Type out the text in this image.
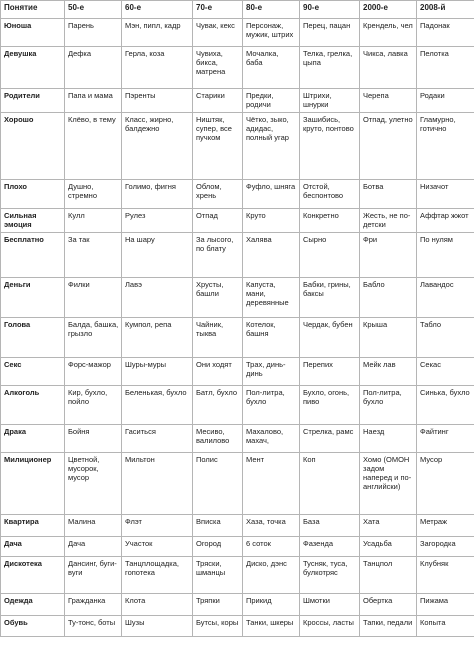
Понятие	50-е	60-е	70-е	80-е	90-е	2000-е	2008-й
Юноша	Парень	Мэн, пипл, кадр	Чувак, кекс	Персонаж, мужик, штрих	Перец, пацан	Крендель, чел	Падонак
Девушка	Дефка	Герла, коза	Чувиха, бикса, матрена	Мочалка, баба	Телка, грелка, цыпа	Чикса, лавка	Пелотка
Родители	Папа и мама	Пэренты	Старики	Предки, родичи	Штрихи, шнурки	Черепа	Родаки
Хорошо	Клёво, в тему	Класс, жирно, балдежно	Ништяк, супер, все пучком	Чётко, зыко, адидас, полный угар	Зашибись, круто, понтово	Отпад, улетно	Гламурно, готично
Плохо	Душно, стремно	Голимо, фигня	Облом, хрень	Фуфло, шняга	Отстой, беспонтово	Ботва	Низачот
Сильная эмоция	Кулл	Рулез	Отпад	Круто	Конкретно	Жесть, не по-детски	Аффтар жжот
Бесплатно	За так	На шару	За лысого, по блату	Халява	Сырно	Фри	По нулям
Деньги	Филки	Лавэ	Хрусты, башли	Капуста, мани, деревянные	Бабки, грины, баксы	Бабло	Лавандос
Голова	Балда, башка, грызло	Кумпол, репа	Чайник, тыква	Котелок, башня	Чердак, бубен	Крыша	Табло
Секс	Форс-мажор	Шуры-муры	Они ходят	Трах, динь-динь	Перепих	Мейк лав	Секас
Алкоголь	Кир, бухло, пойло	Беленькая, бухло	Батл, бухло	Пол-литра, бухло	Бухло, огонь, пиво	Пол-литра, бухло	Синька, бухло
Драка	Бойня	Гаситься	Месиво, валилово	Махалово, махач,	Стрелка, рамс	Наезд	Файтинг
Милиционер	Цветной, мусорок, мусор	Мильтон	Полис	Мент	Коп	Хомо (ОМОН задом наперед и по-английски)	Мусор
Квартира	Малина	Флэт	Вписка	Хаза, точка	База	Хата	Метраж
Дача	Дача	Участок	Огород	6 соток	Фазенда	Усадьба	Загородка
Дискотека	Дансинг, буги-вуги	Танцплощадка, гопотека	Тряски, шманцы	Диско, дэнс	Тусняк, туса, булкотряс	Танцпол	Клубняк
Одежда	Гражданка	Клота	Тряпки	Прикид	Шмотки	Обертка	Пижама
Обувь	Ту-тонс, боты	Шузы	Бутсы, коры	Танки, шкеры	Кроссы, ласты	Тапки, педали	Копыта
